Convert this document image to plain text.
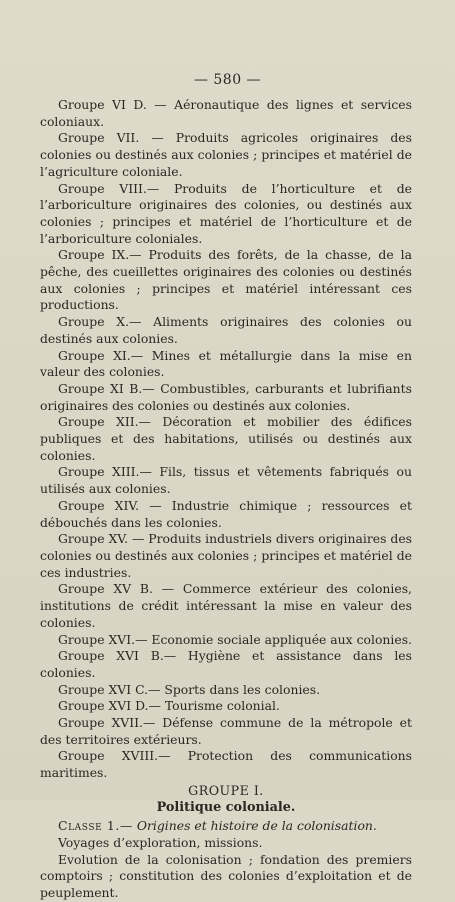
— 580 —

Groupe VI D. — Aéronautique des lignes et services coloniaux.

Groupe VII. — Produits agricoles originaires des colonies ou destinés aux colonies ; principes et matériel de l’agriculture coloniale.

Groupe VIII.— Produits de l’horticulture et de l’arboriculture originaires des colonies, ou destinés aux colonies ; principes et matériel de l’horticulture et de l’arboriculture coloniales.

Groupe IX.— Produits des forêts, de la chasse, de la pêche, des cueillettes originaires des colonies ou destinés aux colonies ; principes et matériel intéressant ces productions.

Groupe X.— Aliments originaires des colonies ou destinés aux colonies.

Groupe XI.— Mines et métallurgie dans la mise en valeur des colonies.

Groupe XI B.— Combustibles, carburants et lubrifiants originaires des colonies ou destinés aux colonies.

Groupe XII.— Décoration et mobilier des édifices publiques et des habitations, utilisés ou destinés aux colonies.

Groupe XIII.— Fils, tissus et vêtements fabriqués ou utilisés aux colonies.

Groupe XIV. — Industrie chimique ; ressources et débouchés dans les colonies.

Groupe XV. — Produits industriels divers originaires des colonies ou destinés aux colonies ; principes et matériel de ces industries.

Groupe XV B. — Commerce extérieur des colonies, institutions de crédit intéressant la mise en valeur des colonies.

Groupe XVI.— Economie sociale appliquée aux colonies.

Groupe XVI B.— Hygiène et assistance dans les colonies.

Groupe XVI C.— Sports dans les colonies.

Groupe XVI D.— Tourisme colonial.

Groupe XVII.— Défense commune de la métropole et des territoires extérieurs.

Groupe XVIII.— Protection des communications maritimes.

GROUPE I.

Politique coloniale.

Classe 1.— Origines et histoire de la colonisation.

Voyages d’exploration, missions.

Evolution de la colonisation ; fondation des premiers comptoirs ; constitution des colonies d’exploitation et de peuplement.
